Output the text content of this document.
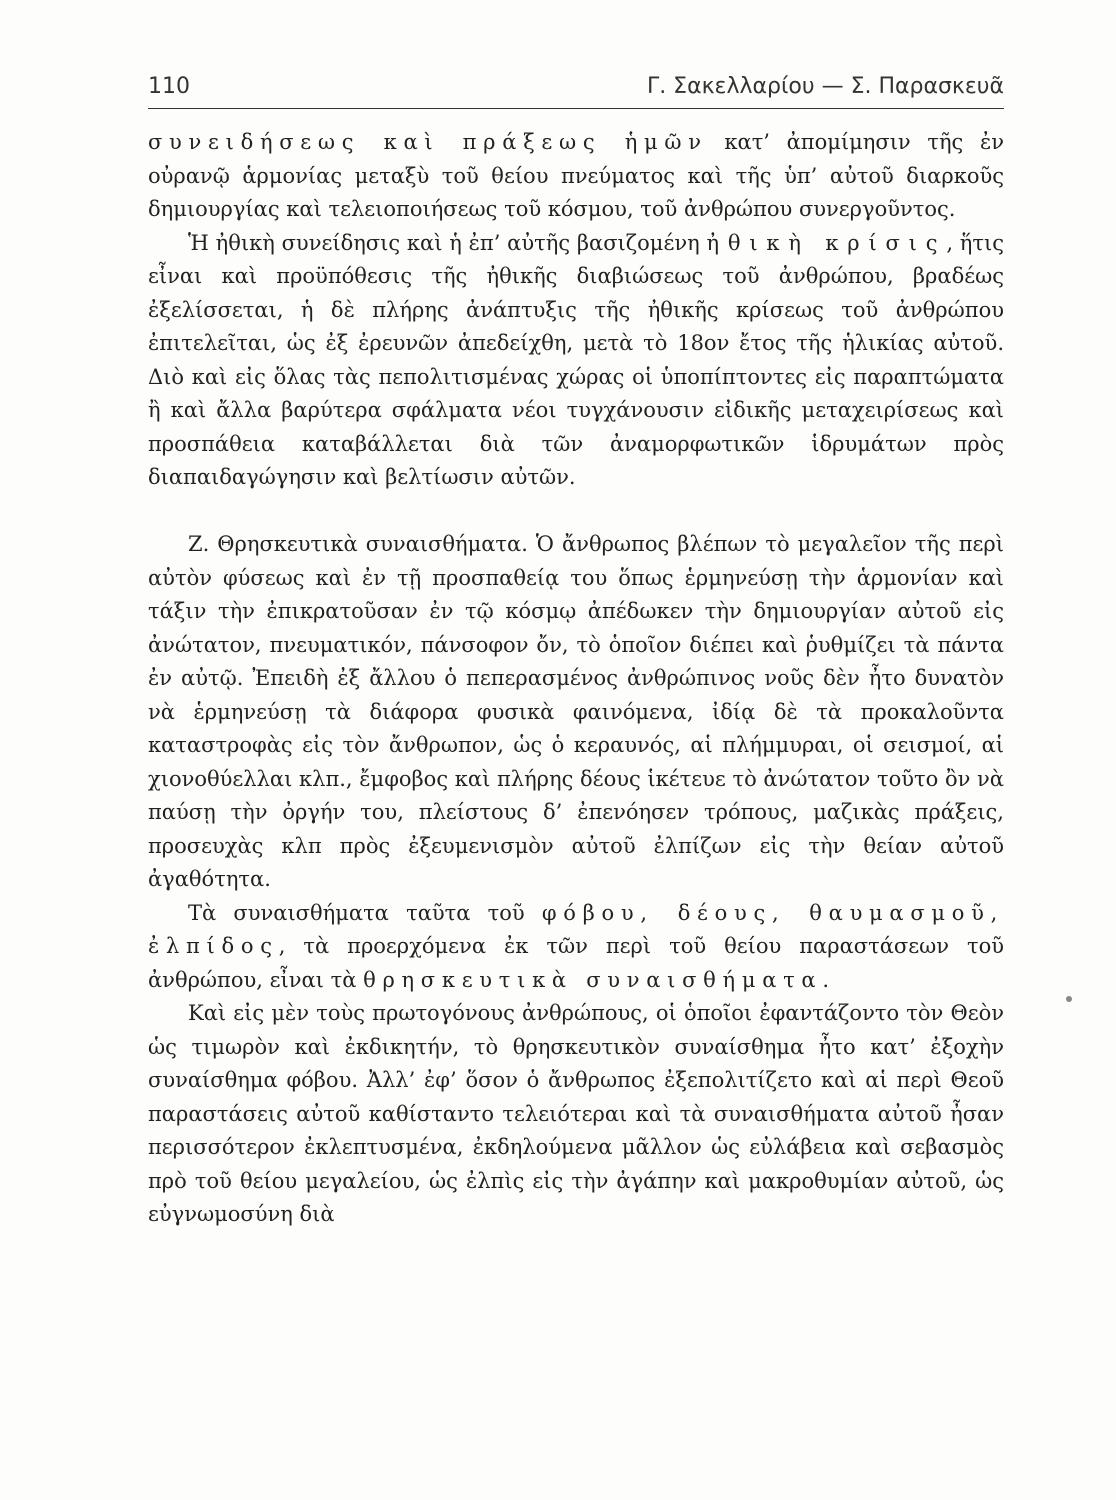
110	Γ. Σακελλαρίου — Σ. Παρασκευᾶ

συνειδήσεως καὶ πράξεως ἡμῶν κατ’ ἀπομίμησιν τῆς ἐν οὐρανῷ ἁρμονίας μεταξὺ τοῦ θείου πνεύματος καὶ τῆς ὑπ’ αὐτοῦ διαρκοῦς δημιουργίας καὶ τελειοποιήσεως τοῦ κόσμου, τοῦ ἀνθρώπου συνεργοῦντος.

Ἡ ἠθικὴ συνείδησις καὶ ἡ ἐπ’ αὐτῆς βασιζομένη ἠθικὴ κρίσις, ἥτις εἶναι καὶ προϋπόθεσις τῆς ἠθικῆς διαβιώσεως τοῦ ἀνθρώπου, βραδέως ἐξελίσσεται, ἡ δὲ πλήρης ἀνάπτυξις τῆς ἠθικῆς κρίσεως τοῦ ἀνθρώπου ἐπιτελεῖται, ὡς ἐξ ἐρευνῶν ἀπεδείχθη, μετὰ τὸ 18ον ἔτος τῆς ἡλικίας αὐτοῦ. Διὸ καὶ εἰς ὅλας τὰς πεπολιτισμένας χώρας οἱ ὑποπίπτοντες εἰς παραπτώματα ἢ καὶ ἄλλα βαρύτερα σφάλματα νέοι τυγχάνουσιν εἰδικῆς μεταχειρίσεως καὶ προσπάθεια καταβάλλεται διὰ τῶν ἀναμορφωτικῶν ἱδρυμάτων πρὸς διαπαιδαγώγησιν καὶ βελτίωσιν αὐτῶν.

Ζ. Θρησκευτικὰ συναισθήματα. Ὁ ἄνθρωπος βλέπων τὸ μεγαλεῖον τῆς περὶ αὐτὸν φύσεως καὶ ἐν τῇ προσπαθείᾳ του ὅπως ἑρμηνεύσῃ τὴν ἁρμονίαν καὶ τάξιν τὴν ἐπικρατοῦσαν ἐν τῷ κόσμῳ ἀπέδωκεν τὴν δημιουργίαν αὐτοῦ εἰς ἀνώτατον, πνευματικόν, πάνσοφον ὄν, τὸ ὁποῖον διέπει καὶ ῥυθμίζει τὰ πάντα ἐν αὐτῷ. Ἐπειδὴ ἐξ ἄλλου ὁ πεπερασμένος ἀνθρώπινος νοῦς δὲν ἦτο δυνατὸν νὰ ἑρμηνεύσῃ τὰ διάφορα φυσικὰ φαινόμενα, ἰδίᾳ δὲ τὰ προκαλοῦντα καταστροφὰς εἰς τὸν ἄνθρωπον, ὡς ὁ κεραυνός, αἱ πλήμμυραι, οἱ σεισμοί, αἱ χιονοθύελλαι κλπ., ἔμφοβος καὶ πλήρης δέους ἱκέτευε τὸ ἀνώτατον τοῦτο ὂν νὰ παύσῃ τὴν ὀργήν του, πλείστους δ’ ἐπενόησεν τρόπους, μαζικὰς πράξεις, προσευχὰς κλπ πρὸς ἐξευμενισμὸν αὐτοῦ ἐλπίζων εἰς τὴν θείαν αὐτοῦ ἀγαθότητα.

Τὰ συναισθήματα ταῦτα τοῦ φόβου, δέους, θαυμασμοῦ, ἐλπίδος, τὰ προερχόμενα ἐκ τῶν περὶ τοῦ θείου παραστάσεων τοῦ ἀνθρώπου, εἶναι τὰ θρησκευτικὰ συναισθήματα.

Καὶ εἰς μὲν τοὺς πρωτογόνους ἀνθρώπους, οἱ ὁποῖοι ἐφαντάζοντο τὸν Θεὸν ὡς τιμωρὸν καὶ ἐκδικητήν, τὸ θρησκευτικὸν συναίσθημα ἦτο κατ’ ἐξοχὴν συναίσθημα φόβου. Ἀλλ’ ἐφ’ ὅσον ὁ ἄνθρωπος ἐξεπολιτίζετο καὶ αἱ περὶ Θεοῦ παραστάσεις αὐτοῦ καθίσταντο τελειότεραι καὶ τὰ συναισθήματα αὐτοῦ ἦσαν περισσότερον ἐκλεπτυσμένα, ἐκδηλούμενα μᾶλλον ὡς εὐλάβεια καὶ σεβασμὸς πρὸ τοῦ θείου μεγαλείου, ὡς ἐλπὶς εἰς τὴν ἀγάπην καὶ μακροθυμίαν αὐτοῦ, ὡς εὐγνωμοσύνη διὰ
